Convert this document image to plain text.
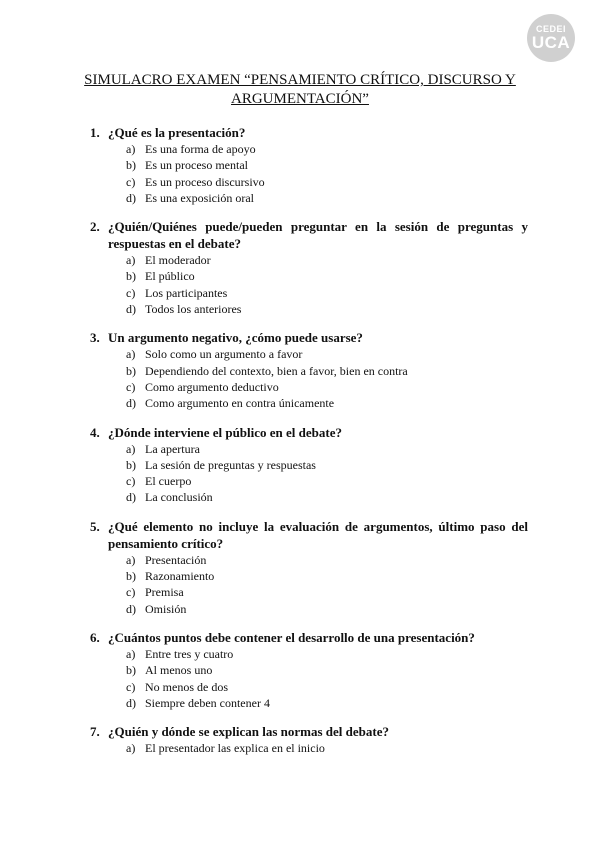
CEDEI
UCA
SIMULACRO EXAMEN “PENSAMIENTO CRÍTICO, DISCURSO Y ARGUMENTACIÓN”
1. ¿Qué es la presentación?
a) Es una forma de apoyo
b) Es un proceso mental
c) Es un proceso discursivo
d) Es una exposición oral
2. ¿Quién/Quiénes puede/pueden preguntar en la sesión de preguntas y respuestas en el debate?
a) El moderador
b) El público
c) Los participantes
d) Todos los anteriores
3. Un argumento negativo, ¿cómo puede usarse?
a) Solo como un argumento a favor
b) Dependiendo del contexto, bien a favor, bien en contra
c) Como argumento deductivo
d) Como argumento en contra únicamente
4. ¿Dónde interviene el público en el debate?
a) La apertura
b) La sesión de preguntas y respuestas
c) El cuerpo
d) La conclusión
5. ¿Qué elemento no incluye la evaluación de argumentos, último paso del pensamiento crítico?
a) Presentación
b) Razonamiento
c) Premisa
d) Omisión
6. ¿Cuántos puntos debe contener el desarrollo de una presentación?
a) Entre tres y cuatro
b) Al menos uno
c) No menos de dos
d) Siempre deben contener 4
7. ¿Quién y dónde se explican las normas del debate?
a) El presentador las explica en el inicio
